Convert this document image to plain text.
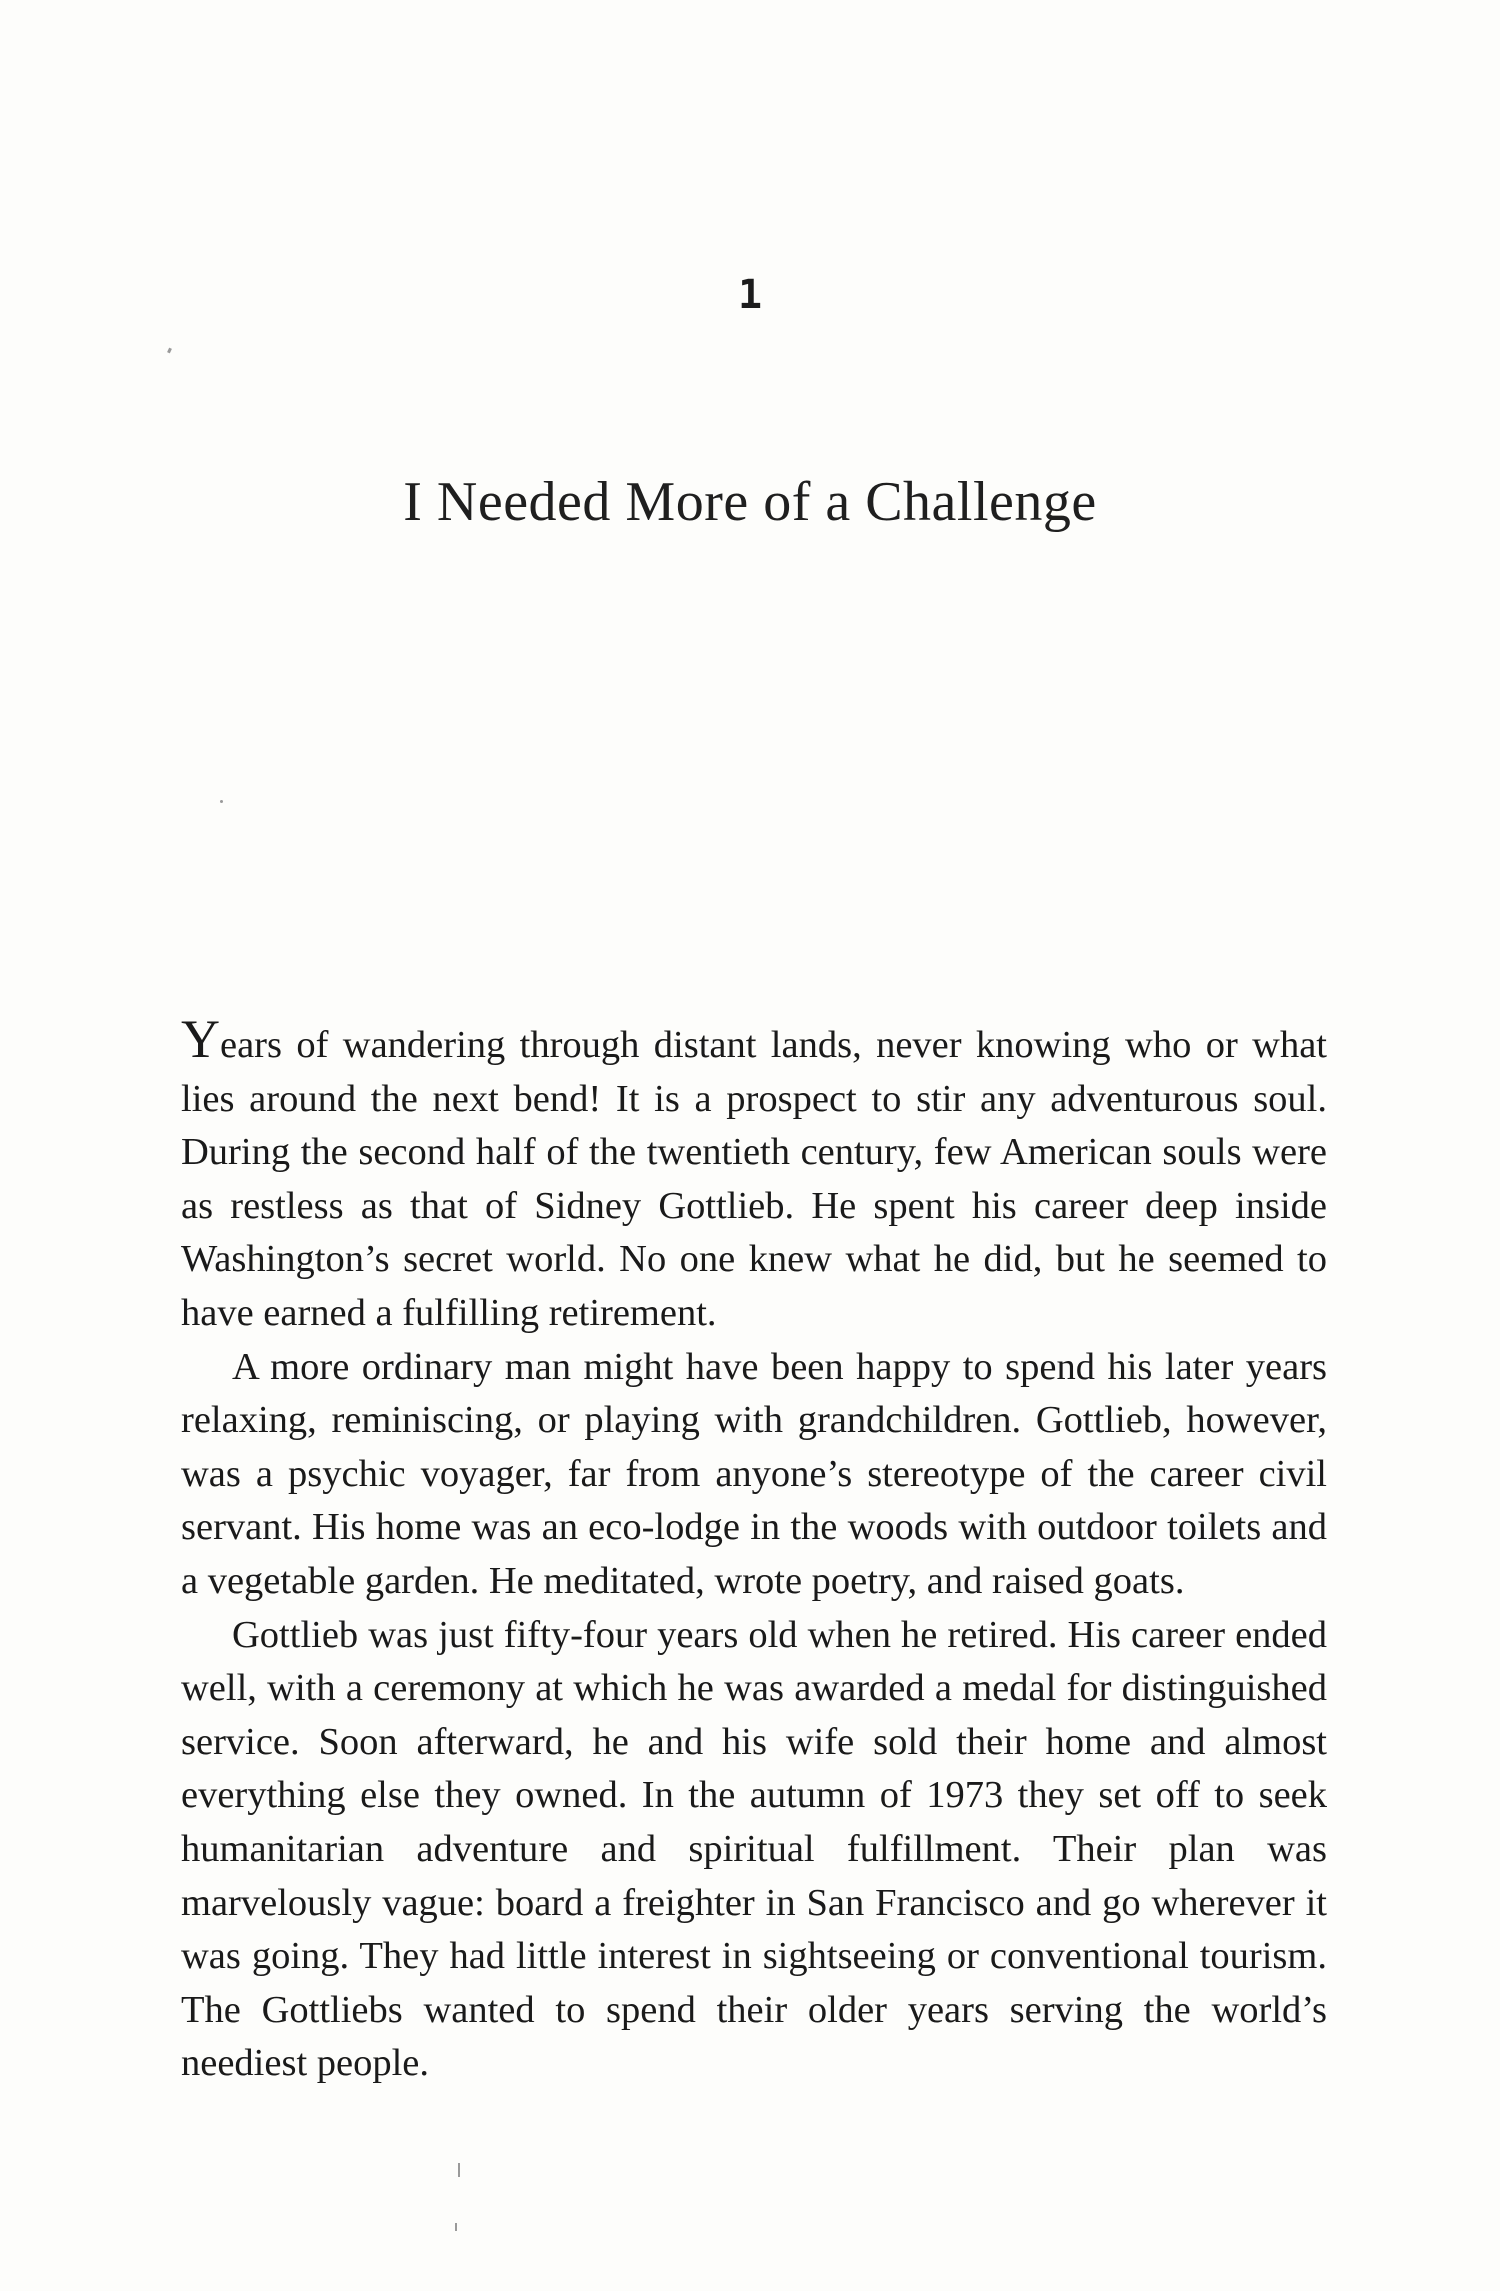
1
I Needed More of a Challenge

Years of wandering through distant lands, never knowing who or what lies around the next bend! It is a prospect to stir any adventurous soul. During the second half of the twentieth century, few American souls were as restless as that of Sidney Gottlieb. He spent his career deep inside Washington’s secret world. No one knew what he did, but he seemed to have earned a fulfilling retirement.

A more ordinary man might have been happy to spend his later years relaxing, reminiscing, or playing with grandchildren. Gottlieb, however, was a psychic voyager, far from anyone’s stereotype of the career civil servant. His home was an eco-lodge in the woods with outdoor toilets and a vegetable garden. He meditated, wrote poetry, and raised goats.

Gottlieb was just fifty-four years old when he retired. His career ended well, with a ceremony at which he was awarded a medal for distinguished service. Soon afterward, he and his wife sold their home and almost everything else they owned. In the autumn of 1973 they set off to seek humanitarian adventure and spiritual fulfillment. Their plan was marvelously vague: board a freighter in San Francisco and go wherever it was going. They had little interest in sightseeing or conventional tourism. The Gottliebs wanted to spend their older years serving the world’s neediest people.
